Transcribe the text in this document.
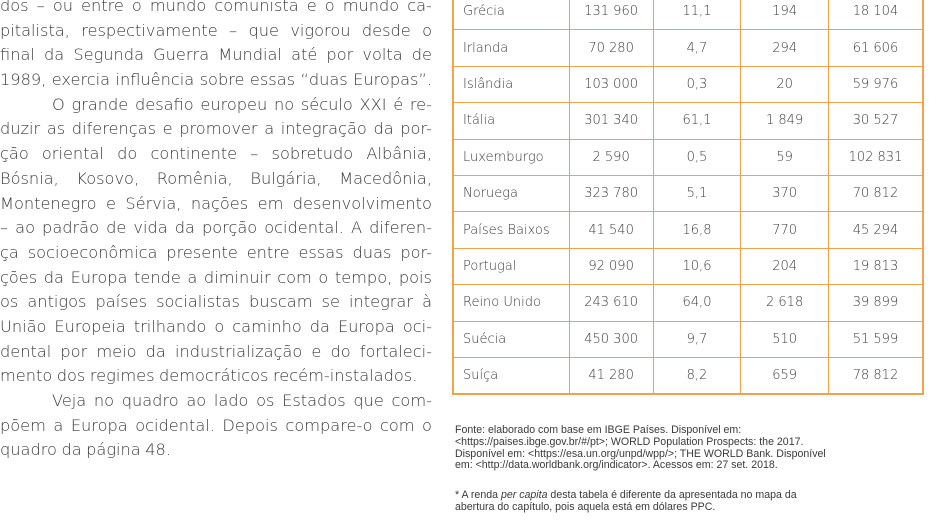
dos – ou entre o mundo comunista e o mundo ca-
pitalista, respectivamente – que vigorou desde o
final da Segunda Guerra Mundial até por volta de
1989, exercia influência sobre essas “duas Europas”.
O grande desafio europeu no século XXI é re-
duzir as diferenças e promover a integração da por-
ção oriental do continente – sobretudo Albânia,
Bósnia, Kosovo, Romênia, Bulgária, Macedônia,
Montenegro e Sérvia, nações em desenvolvimento
– ao padrão de vida da porção ocidental. A diferen-
ça socioeconômica presente entre essas duas por-
ções da Europa tende a diminuir com o tempo, pois
os antigos países socialistas buscam se integrar à
União Europeia trilhando o caminho da Europa oci-
dental por meio da industrialização e do fortaleci-
mento dos regimes democráticos recém-instalados.
Veja no quadro ao lado os Estados que com-
põem a Europa ocidental. Depois compare-o com o
quadro da página 48.
Grécia	131 960	11,1	194	18 104
Irlanda	70 280	4,7	294	61 606
Islândia	103 000	0,3	20	59 976
Itália	301 340	61,1	1 849	30 527
Luxemburgo	2 590	0,5	59	102 831
Noruega	323 780	5,1	370	70 812
Países Baixos	41 540	16,8	770	45 294
Portugal	92 090	10,6	204	19 813
Reino Unido	243 610	64,0	2 618	39 899
Suécia	450 300	9,7	510	51 599
Suíça	41 280	8,2	659	78 812

Fonte: elaborado com base em IBGE Países. Disponível em:

<https://paises.ibge.gov.br/#/pt>; WORLD Population Prospects: the 2017.

Disponível em: <https://esa.un.org/unpd/wpp/>; THE WORLD Bank. Disponível

em: <http://data.worldbank.org/indicator>. Acessos em: 27 set. 2018.

* A renda per capita desta tabela é diferente da apresentada no mapa da

abertura do capítulo, pois aquela está em dólares PPC.
